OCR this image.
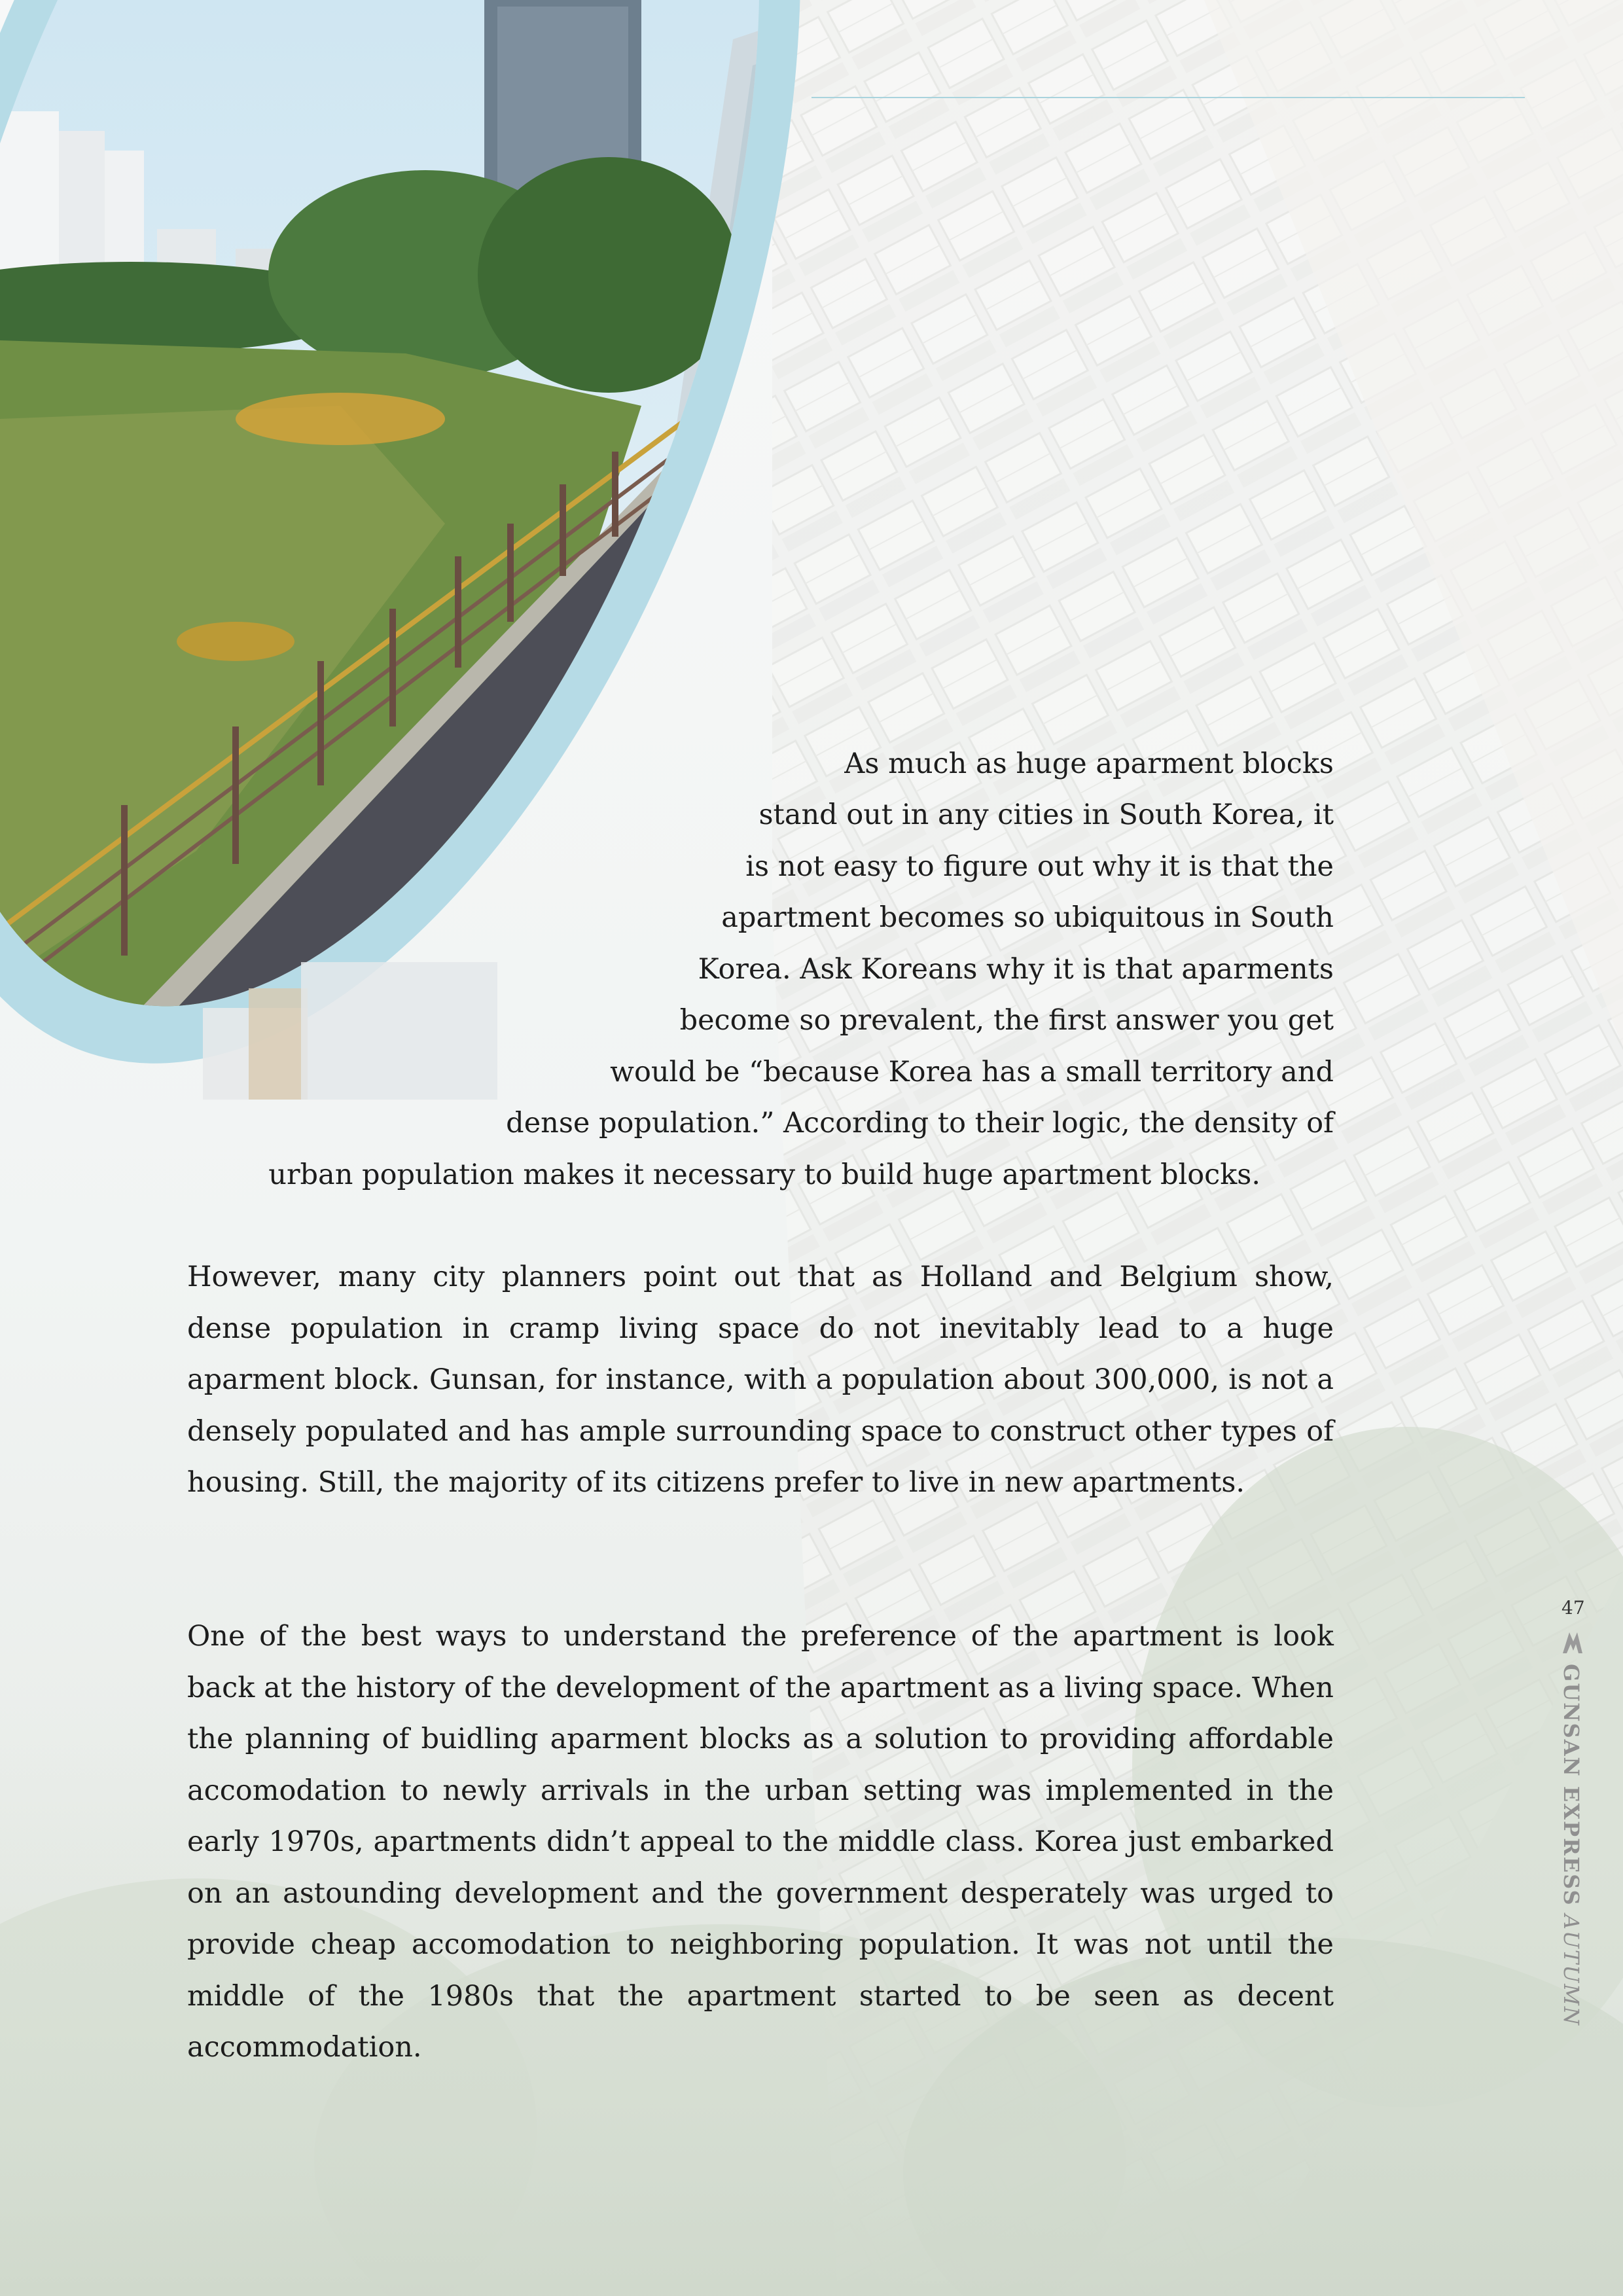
As much as huge aparment blocks
stand out in any cities in South Korea, it
is not easy to figure out why it is that the
apartment becomes so ubiquitous in South
Korea. Ask Koreans why it is that aparments
become so prevalent, the first answer you get
would be “because Korea has a small territory and
dense population.” According to their logic, the density of
urban population makes it necessary to build huge apartment blocks.

However, many city planners point out that as Holland and Belgium show, dense population in cramp living space do not inevitably lead to a huge aparment block. Gunsan, for instance, with a population about 300,000, is not a densely populated and has ample surrounding space to construct other types of housing. Still, the majority of its citizens prefer to live in new apartments.

One of the best ways to understand the preference of the apartment is look back at the history of the development of the apartment as a living space. When the planning of buidling aparment blocks as a solution to providing affordable accomodation to newly arrivals in the urban setting was implemented in the early 1970s, apartments didn’t appeal to the middle class. Korea just embarked on an astounding development and the government desperately was urged to provide cheap accomodation to neighboring population. It was not until the middle of the 1980s that the apartment started to be seen as decent accommodation.

47
GUNSAN EXPRESS AUTUMN
